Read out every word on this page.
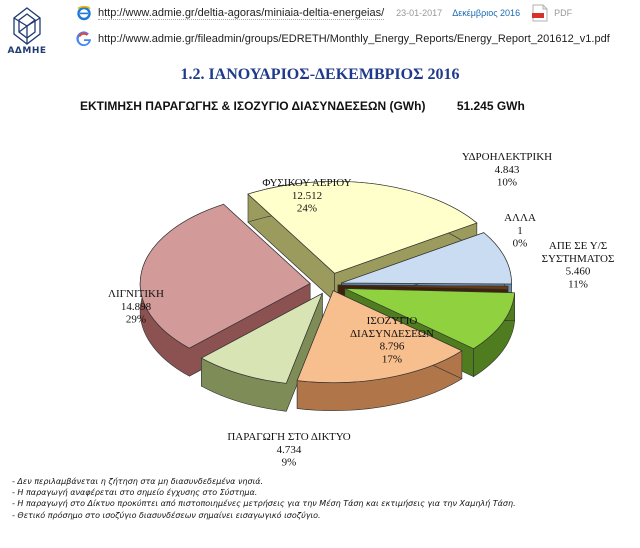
ΑΔΜΗΕ
http://www.admie.gr/deltia-agoras/miniaia-deltia-energeias/ 23-01-2017 Δεκέμβριος 2016	PDF
http://www.admie.gr/fileadmin/groups/EDRETH/Monthly_Energy_Reports/Energy_Report_201612_v1.pdf
1.2. ΙΑΝΟΥΑΡΙΟΣ-ΔΕΚΕΜΒΡΙΟΣ 2016
ΕΚΤΙΜΗΣΗ ΠΑΡΑΓΩΓΗΣ & ΙΣΟΖΥΓΙΟ ΔΙΑΣΥΝΔΕΣΕΩΝ (GWh)	51.245 GWh
ΦΥΣΙΚΟΥ ΑΕΡΙΟΥ
12.512
24%
ΥΔΡΟΗΛΕΚΤΡΙΚΗ
4.843
10%
ΑΛΛΑ
1
0% ΑΠΕ ΣΕ Υ/Σ
ΣΥΣΤΗΜΑΤΟΣ
5.460
11%
ΙΣΟΖΥΓΙΟ
ΔΙΑΣΥΝΔΕΣΕΩΝ
8.796
17%
ΠΑΡΑΓΩΓΗ ΣΤΟ ΔΙΚΤΥΟ
4.734
9%
ΛΙΓΝΙΤΙΚΗ
14.898
29%
- Δεν περιλαμβάνεται η ζήτηση στα μη διασυνδεδεμένα νησιά.
- Η παραγωγή αναφέρεται στο σημείο έγχυσης στο Σύστημα.
- Η παραγωγή στο Δίκτυο προκύπτει από πιστοποιημένες μετρήσεις για την Μέση Τάση και εκτιμήσεις για την Χαμηλή Τάση.
- Θετικό πρόσημο στο ισοζύγιο διασυνδέσεων σημαίνει εισαγωγικό ισοζύγιο.
